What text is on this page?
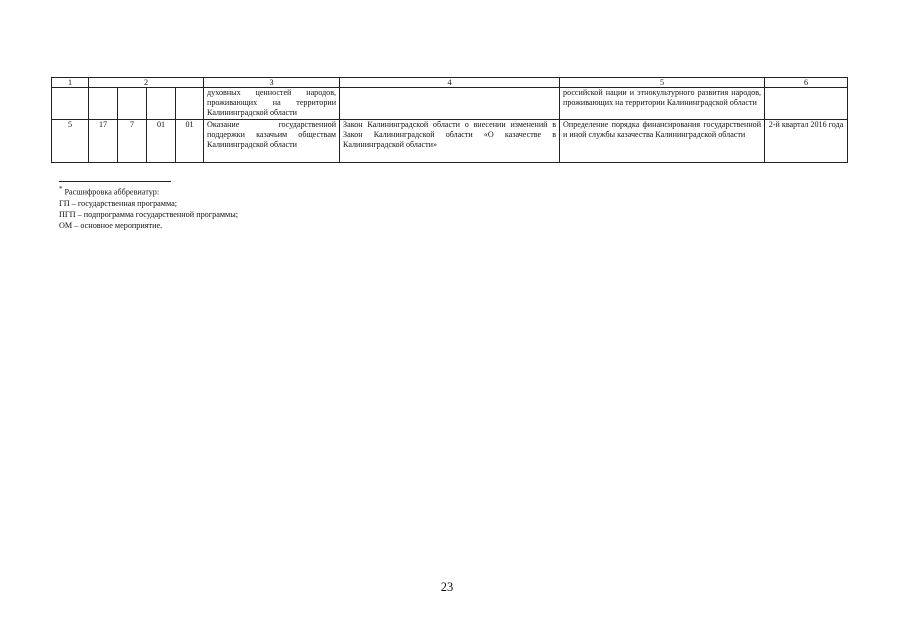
1	2				3	4	5	6
					духовных ценностей народов, проживающих на территории Калининградской области		российской нации и этнокультурного развития народов, проживающих на территории Калининградской области	
5	17	7	01	01	Оказание государственной поддержки казачьим обществам Калининградской области	Закон Калининградской области о внесении изменений в Закон Калининградской области «О казачестве в Калининградской области»	Определение порядка финансирования государственной и иной службы казачества Калининградской области	2-й квартал 2016 года
* Расшифровка аббревиатур:
ГП – государственная программа;
ПГП – подпрограмма государственной программы;
ОМ – основное мероприятие.
23
